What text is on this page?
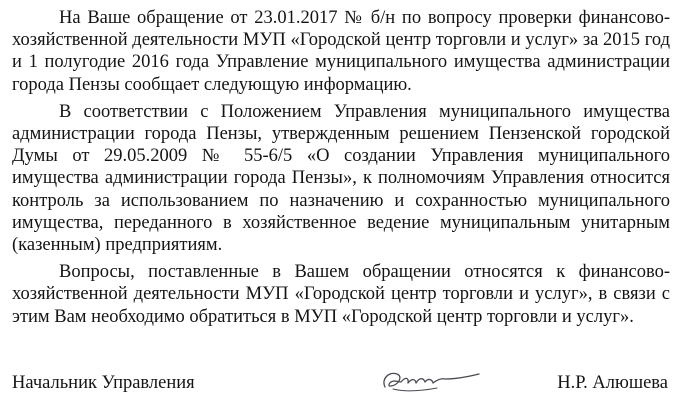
На Ваше обращение от 23.01.2017 № б/н по вопросу проверки финансово-хозяйственной деятельности МУП «Городской центр торговли и услуг» за 2015 год и 1 полугодие 2016 года Управление муниципального имущества администрации города Пензы сообщает следующую информацию.

В соответствии с Положением Управления муниципального имущества администрации города Пензы, утвержденным решением Пензенской городской Думы от 29.05.2009 № 55-6/5 «О создании Управления муниципального имущества администрации города Пензы», к полномочиям Управления относится контроль за использованием по назначению и сохранностью муниципального имущества, переданного в хозяйственное ведение муниципальным унитарным (казенным) предприятиям.

Вопросы, поставленные в Вашем обращении относятся к финансово-хозяйственной деятельности МУП «Городской центр торговли и услуг», в связи с этим Вам необходимо обратиться в МУП «Городской центр торговли и услуг».

Начальник Управления	Н.Р. Алюшева
